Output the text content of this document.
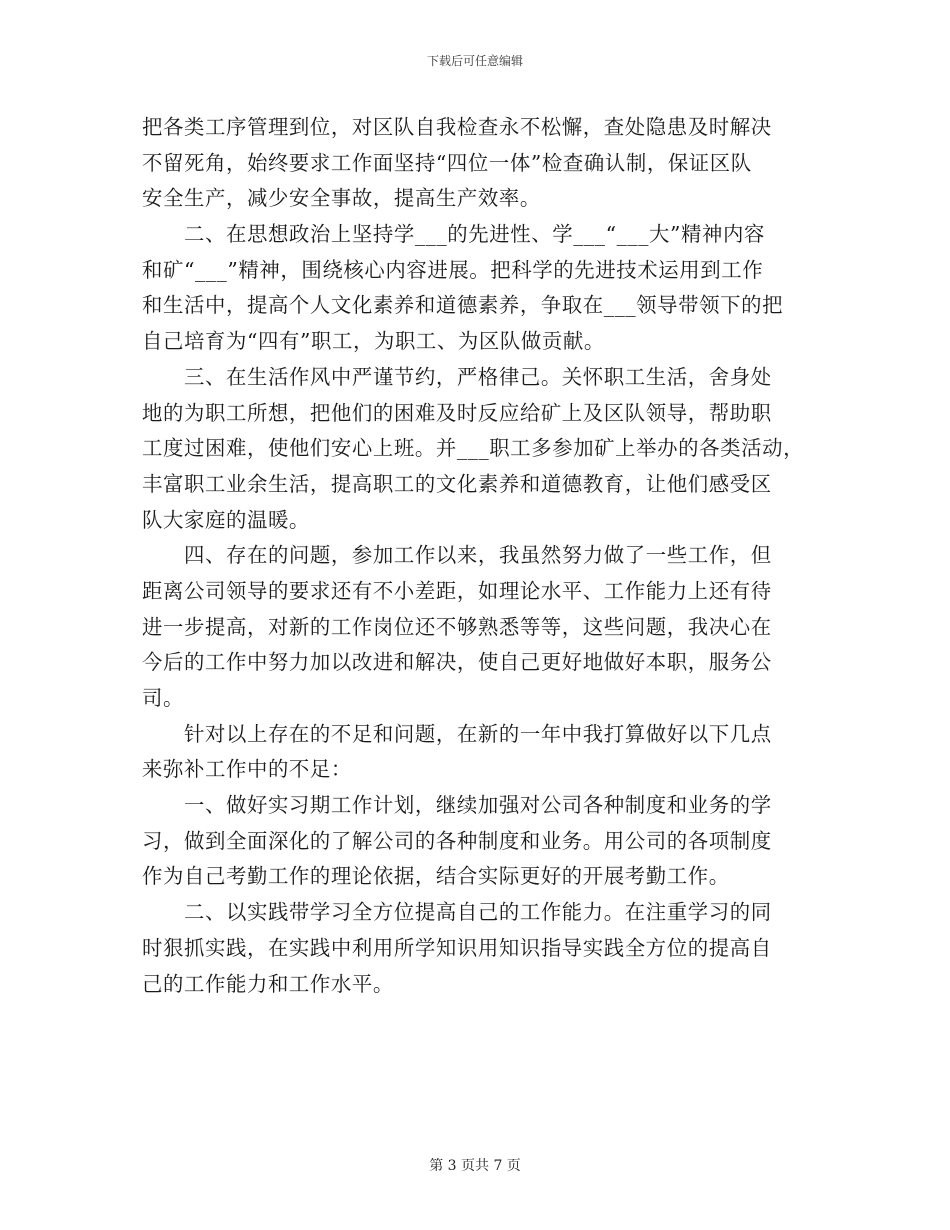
下载后可任意编辑
把各类工序管理到位，对区队自我检查永不松懈，查处隐患及时解决
不留死角，始终要求工作面坚持“四位一体”检查确认制，保证区队
安全生产，减少安全事故，提高生产效率。
　　二、在思想政治上坚持学___的先进性、学___“___大”精神内容
和矿“___”精神，围绕核心内容进展。把科学的先进技术运用到工作
和生活中，提高个人文化素养和道德素养，争取在___领导带领下的把
自己培育为“四有”职工，为职工、为区队做贡献。
　　三、在生活作风中严谨节约，严格律己。关怀职工生活，舍身处
地的为职工所想，把他们的困难及时反应给矿上及区队领导，帮助职
工度过困难，使他们安心上班。并___职工多参加矿上举办的各类活动，
丰富职工业余生活，提高职工的文化素养和道德教育，让他们感受区
队大家庭的温暖。
　　四、存在的问题，参加工作以来，我虽然努力做了一些工作，但
距离公司领导的要求还有不小差距，如理论水平、工作能力上还有待
进一步提高，对新的工作岗位还不够熟悉等等，这些问题，我决心在
今后的工作中努力加以改进和解决，使自己更好地做好本职，服务公
司。
　　针对以上存在的不足和问题，在新的一年中我打算做好以下几点
来弥补工作中的不足：
　　一、做好实习期工作计划，继续加强对公司各种制度和业务的学
习，做到全面深化的了解公司的各种制度和业务。用公司的各项制度
作为自己考勤工作的理论依据，结合实际更好的开展考勤工作。
　　二、以实践带学习全方位提高自己的工作能力。在注重学习的同
时狠抓实践，在实践中利用所学知识用知识指导实践全方位的提高自
己的工作能力和工作水平。
第 3 页共 7 页
